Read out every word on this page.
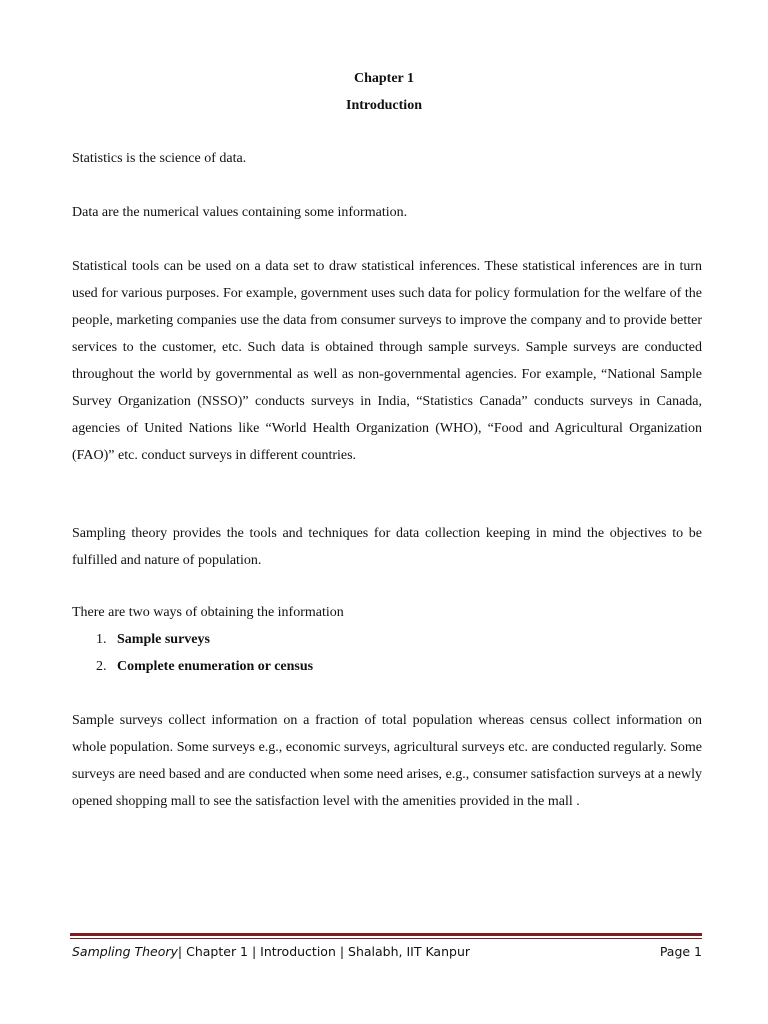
Chapter 1
Introduction

Statistics is the science of data.

Data are the numerical values containing some information.

Statistical tools can be used on a data set to draw statistical inferences. These statistical inferences are in turn used for various purposes. For example, government uses such data for policy formulation for the welfare of the people, marketing companies use the data from consumer surveys to improve the company and to provide better services to the customer, etc. Such data is obtained through sample surveys. Sample surveys are conducted throughout the world by governmental as well as non-governmental agencies. For example, “National Sample Survey Organization (NSSO)” conducts surveys in India, “Statistics Canada” conducts surveys in Canada, agencies of United Nations like “World Health Organization (WHO), “Food and Agricultural Organization (FAO)” etc. conduct surveys in different countries.

Sampling theory provides the tools and techniques for data collection keeping in mind the objectives to be fulfilled and nature of population.

There are two ways of obtaining the information
1. Sample surveys
2. Complete enumeration or census

Sample surveys collect information on a fraction of total population whereas census collect information on whole population. Some surveys e.g., economic surveys, agricultural surveys etc. are conducted regularly. Some surveys are need based and are conducted when some need arises, e.g., consumer satisfaction surveys at a newly opened shopping mall to see the satisfaction level with the amenities provided in the mall .

Sampling Theory| Chapter 1 | Introduction | Shalabh, IIT Kanpur	Page 1
